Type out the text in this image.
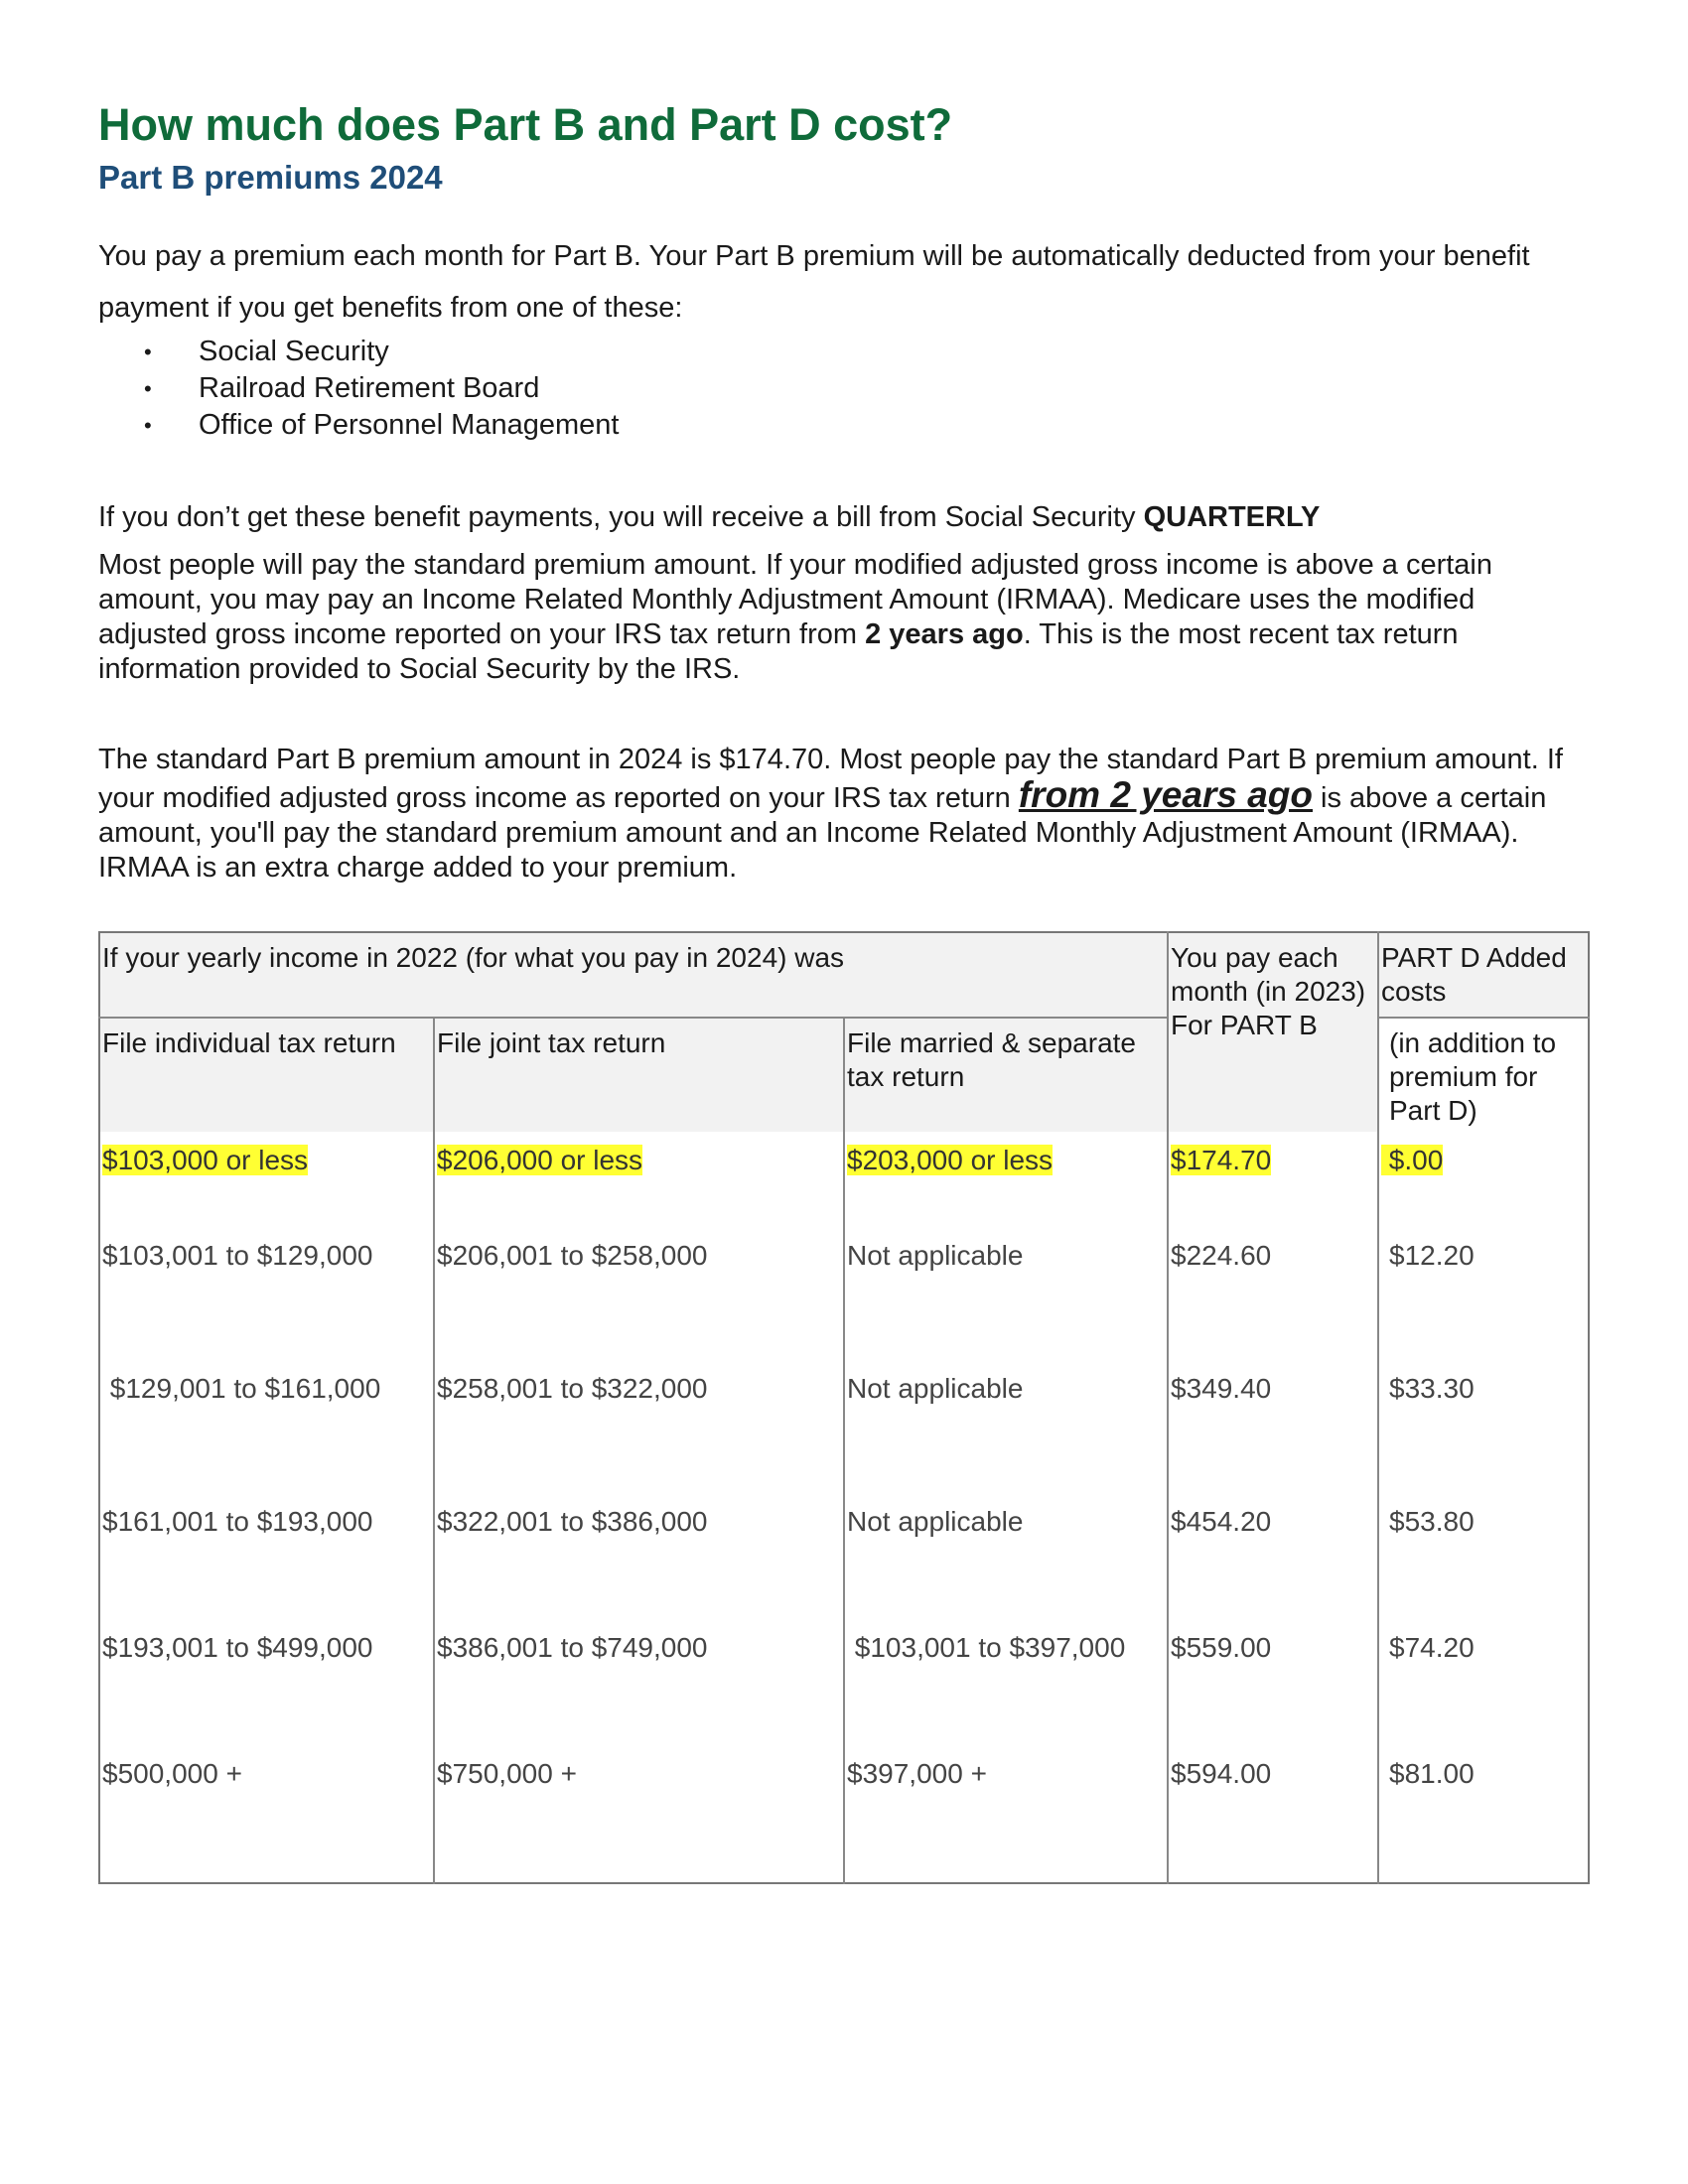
How much does Part B and Part D cost?
Part B premiums 2024

You pay a premium each month for Part B. Your Part B premium will be automatically deducted from your benefit payment if you get benefits from one of these:

• Social Security
• Railroad Retirement Board
• Office of Personnel Management

If you don’t get these benefit payments, you will receive a bill from Social Security QUARTERLY

Most people will pay the standard premium amount. If your modified adjusted gross income is above a certain amount, you may pay an Income Related Monthly Adjustment Amount (IRMAA). Medicare uses the modified adjusted gross income reported on your IRS tax return from 2 years ago. This is the most recent tax return information provided to Social Security by the IRS.

The standard Part B premium amount in 2024 is $174.70. Most people pay the standard Part B premium amount. If your modified adjusted gross income as reported on your IRS tax return from 2 years ago is above a certain amount, you'll pay the standard premium amount and an Income Related Monthly Adjustment Amount (IRMAA). IRMAA is an extra charge added to your premium.

If your yearly income in 2022 (for what you pay in 2024) was			You pay each month (in 2023) For PART B	PART D Added costs
File individual tax return	File joint tax return	File married & separate tax return		(in addition to premium for Part D)
$103,000 or less	$206,000 or less	$203,000 or less	$174.70	$.00
$103,001 to $129,000	$206,001 to $258,000	Not applicable	$224.60	$12.20
$129,001 to $161,000	$258,001 to $322,000	Not applicable	$349.40	$33.30
$161,001 to $193,000	$322,001 to $386,000	Not applicable	$454.20	$53.80
$193,001 to $499,000	$386,001 to $749,000	$103,001 to $397,000	$559.00	$74.20
$500,000 +	$750,000 +	$397,000 +	$594.00	$81.00
